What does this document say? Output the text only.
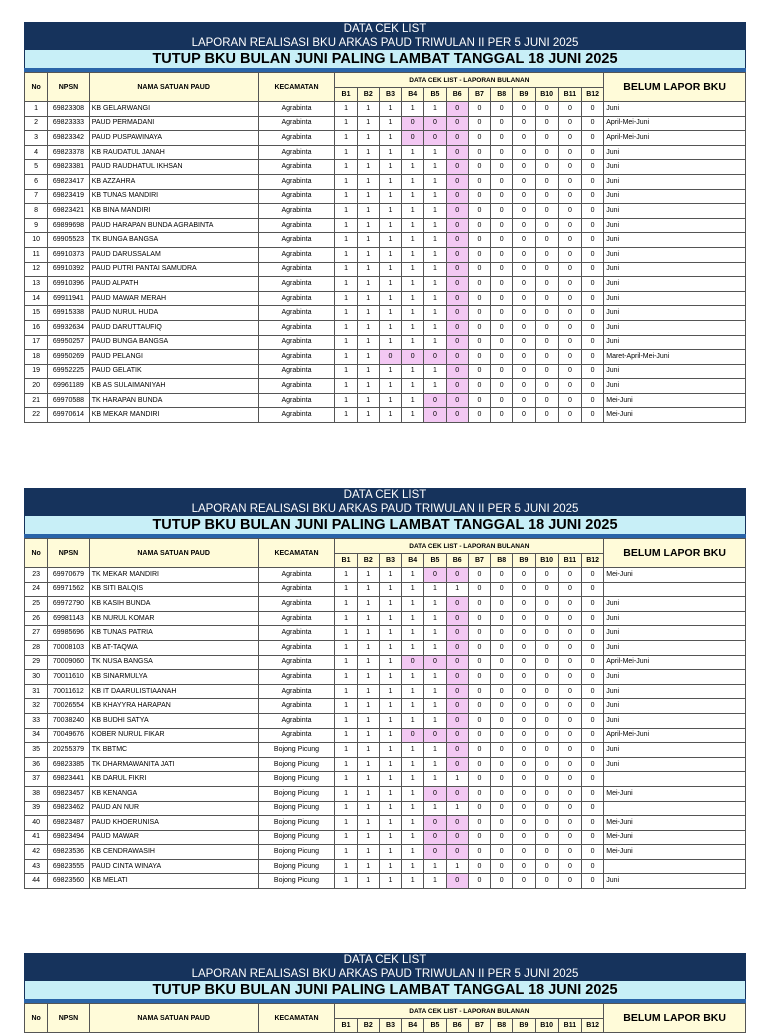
DATA CEK LIST
LAPORAN REALISASI BKU ARKAS PAUD TRIWULAN II PER 5 JUNI 2025
TUTUP BKU BULAN JUNI PALING LAMBAT TANGGAL 18 JUNI 2025
No	NPSN	NAMA SATUAN PAUD	KECAMATAN	DATA CEK LIST - LAPORAN BULANAN												BELUM LAPOR BKU
				B1	B2	B3	B4	B5	B6	B7	B8	B9	B10	B11	B12	
1	69823308	KB GELARWANGI	Agrabinta	1	1	1	1	1	0	0	0	0	0	0	0	Juni
2	69823333	PAUD PERMADANI	Agrabinta	1	1	1	0	0	0	0	0	0	0	0	0	April-Mei-Juni
3	69823342	PAUD PUSPAWINAYA	Agrabinta	1	1	1	0	0	0	0	0	0	0	0	0	April-Mei-Juni
4	69823378	KB RAUDATUL JANAH	Agrabinta	1	1	1	1	1	0	0	0	0	0	0	0	Juni
5	69823381	PAUD RAUDHATUL IKHSAN	Agrabinta	1	1	1	1	1	0	0	0	0	0	0	0	Juni
6	69823417	KB AZZAHRA	Agrabinta	1	1	1	1	1	0	0	0	0	0	0	0	Juni
7	69823419	KB TUNAS MANDIRI	Agrabinta	1	1	1	1	1	0	0	0	0	0	0	0	Juni
8	69823421	KB BINA MANDIRI	Agrabinta	1	1	1	1	1	0	0	0	0	0	0	0	Juni
9	69899698	PAUD HARAPAN BUNDA AGRABINTA	Agrabinta	1	1	1	1	1	0	0	0	0	0	0	0	Juni
10	69905523	TK BUNGA BANGSA	Agrabinta	1	1	1	1	1	0	0	0	0	0	0	0	Juni
11	69910373	PAUD DARUSSALAM	Agrabinta	1	1	1	1	1	0	0	0	0	0	0	0	Juni
12	69910392	PAUD PUTRI PANTAI SAMUDRA	Agrabinta	1	1	1	1	1	0	0	0	0	0	0	0	Juni
13	69910396	PAUD ALPATH	Agrabinta	1	1	1	1	1	0	0	0	0	0	0	0	Juni
14	69911941	PAUD MAWAR MERAH	Agrabinta	1	1	1	1	1	0	0	0	0	0	0	0	Juni
15	69915338	PAUD NURUL HUDA	Agrabinta	1	1	1	1	1	0	0	0	0	0	0	0	Juni
16	69932634	PAUD DARUTTAUFIQ	Agrabinta	1	1	1	1	1	0	0	0	0	0	0	0	Juni
17	69950257	PAUD BUNGA BANGSA	Agrabinta	1	1	1	1	1	0	0	0	0	0	0	0	Juni
18	69950269	PAUD PELANGI	Agrabinta	1	1	0	0	0	0	0	0	0	0	0	0	Maret-April-Mei-Juni
19	69952225	PAUD GELATIK	Agrabinta	1	1	1	1	1	0	0	0	0	0	0	0	Juni
20	69961189	KB AS SULAIMANIYAH	Agrabinta	1	1	1	1	1	0	0	0	0	0	0	0	Juni
21	69970588	TK HARAPAN BUNDA	Agrabinta	1	1	1	1	0	0	0	0	0	0	0	0	Mei-Juni
22	69970614	KB MEKAR MANDIRI	Agrabinta	1	1	1	1	0	0	0	0	0	0	0	0	Mei-Juni
DATA CEK LIST
LAPORAN REALISASI BKU ARKAS PAUD TRIWULAN II PER 5 JUNI 2025
TUTUP BKU BULAN JUNI PALING LAMBAT TANGGAL 18 JUNI 2025
No	NPSN	NAMA SATUAN PAUD	KECAMATAN	DATA CEK LIST - LAPORAN BULANAN												BELUM LAPOR BKU
				B1	B2	B3	B4	B5	B6	B7	B8	B9	B10	B11	B12	
23	69970679	TK MEKAR MANDIRI	Agrabinta	1	1	1	1	0	0	0	0	0	0	0	0	Mei-Juni
24	69971562	KB SITI BALQIS	Agrabinta	1	1	1	1	1	1	0	0	0	0	0	0	
25	69972790	KB KASIH BUNDA	Agrabinta	1	1	1	1	1	0	0	0	0	0	0	0	Juni
26	69981143	KB NURUL KOMAR	Agrabinta	1	1	1	1	1	0	0	0	0	0	0	0	Juni
27	69985696	KB TUNAS PATRIA	Agrabinta	1	1	1	1	1	0	0	0	0	0	0	0	Juni
28	70008103	KB AT-TAQWA	Agrabinta	1	1	1	1	1	0	0	0	0	0	0	0	Juni
29	70009060	TK NUSA BANGSA	Agrabinta	1	1	1	0	0	0	0	0	0	0	0	0	April-Mei-Juni
30	70011610	KB SINARMULYA	Agrabinta	1	1	1	1	1	0	0	0	0	0	0	0	Juni
31	70011612	KB IT DAARULISTIAANAH	Agrabinta	1	1	1	1	1	0	0	0	0	0	0	0	Juni
32	70026554	KB KHAYYRA HARAPAN	Agrabinta	1	1	1	1	1	0	0	0	0	0	0	0	Juni
33	70038240	KB BUDHI SATYA	Agrabinta	1	1	1	1	1	0	0	0	0	0	0	0	Juni
34	70049676	KOBER NURUL FIKAR	Agrabinta	1	1	1	0	0	0	0	0	0	0	0	0	April-Mei-Juni
35	20255379	TK BBTMC	Bojong Picung	1	1	1	1	1	0	0	0	0	0	0	0	Juni
36	69823385	TK DHARMAWANITA JATI	Bojong Picung	1	1	1	1	1	0	0	0	0	0	0	0	Juni
37	69823441	KB DARUL FIKRI	Bojong Picung	1	1	1	1	1	1	0	0	0	0	0	0	
38	69823457	KB KENANGA	Bojong Picung	1	1	1	1	0	0	0	0	0	0	0	0	Mei-Juni
39	69823462	PAUD AN NUR	Bojong Picung	1	1	1	1	1	1	0	0	0	0	0	0	
40	69823487	PAUD KHOERUNISA	Bojong Picung	1	1	1	1	0	0	0	0	0	0	0	0	Mei-Juni
41	69823494	PAUD MAWAR	Bojong Picung	1	1	1	1	0	0	0	0	0	0	0	0	Mei-Juni
42	69823536	KB CENDRAWASIH	Bojong Picung	1	1	1	1	0	0	0	0	0	0	0	0	Mei-Juni
43	69823555	PAUD CINTA WINAYA	Bojong Picung	1	1	1	1	1	1	0	0	0	0	0	0	
44	69823560	KB MELATI	Bojong Picung	1	1	1	1	1	0	0	0	0	0	0	0	Juni
DATA CEK LIST
LAPORAN REALISASI BKU ARKAS PAUD TRIWULAN II PER 5 JUNI 2025
TUTUP BKU BULAN JUNI PALING LAMBAT TANGGAL 18 JUNI 2025
No	NPSN	NAMA SATUAN PAUD	KECAMATAN	DATA CEK LIST - LAPORAN BULANAN												BELUM LAPOR BKU
				B1	B2	B3	B4	B5	B6	B7	B8	B9	B10	B11	B12	
